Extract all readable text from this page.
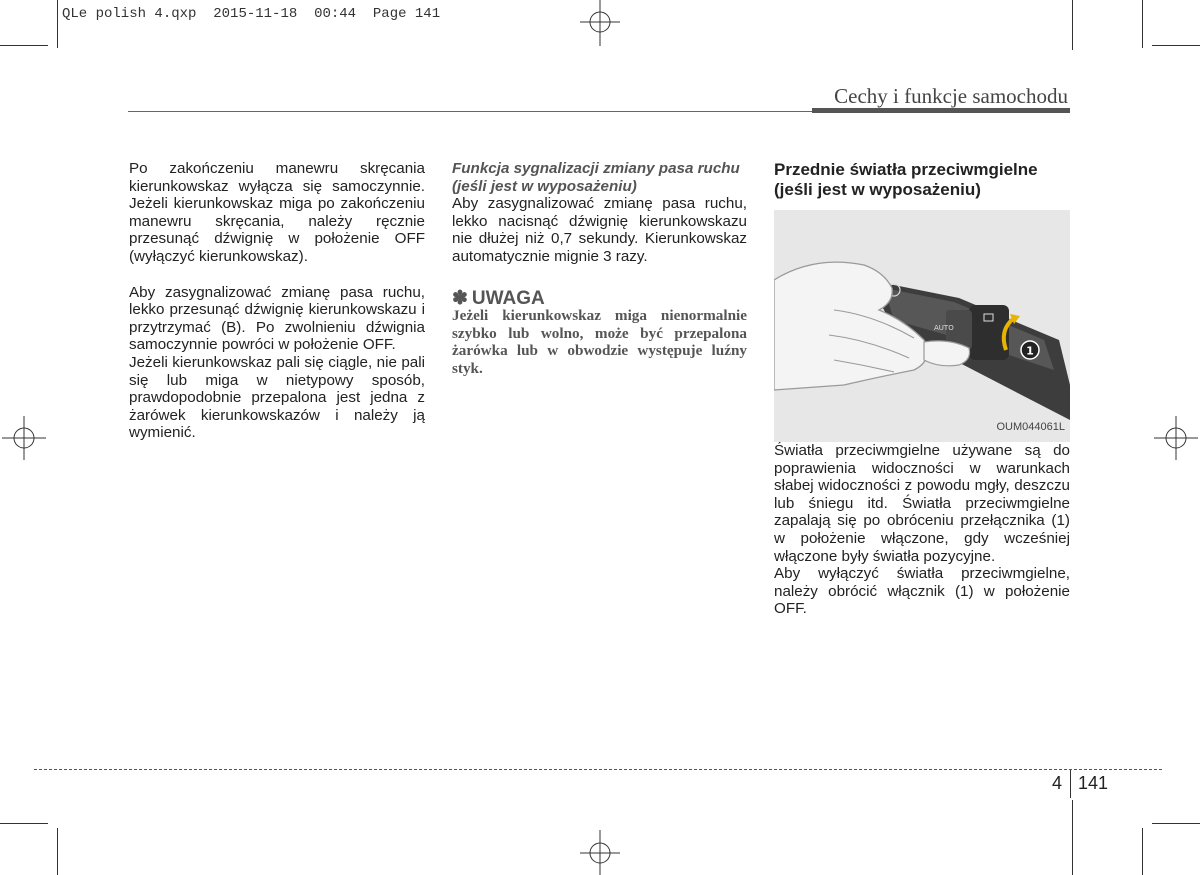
QLe polish 4.qxp 2015-11-18 00:44 Page 141
Cechy i funkcje samochodu

Po zakończeniu manewru skręcania kierunkowskaz wyłącza się samoczynnie. Jeżeli kierunkowskaz miga po zakończeniu manewru skręcania, należy ręcznie przesunąć dźwignię w położenie OFF (wyłączyć kierunkowskaz).

Aby zasygnalizować zmianę pasa ruchu, lekko przesunąć dźwignię kierunkowskazu i przytrzymać (B). Po zwolnieniu dźwignia samoczynnie powróci w położenie OFF.

Jeżeli kierunkowskaz pali się ciągle, nie pali się lub miga w nietypowy sposób, prawdopodobnie przepalona jest jedna z żarówek kierunkowskazów i należy ją wymienić.

Funkcja sygnalizacji zmiany pasa ruchu (jeśli jest w wyposażeniu)

Aby zasygnalizować zmianę pasa ruchu, lekko nacisnąć dźwignię kierunkowskazu nie dłużej niż 0,7 sekundy. Kierunkowskaz automatycznie mignie 3 razy.

✽ UWAGA

Jeżeli kierunkowskaz miga nienormalnie szybko lub wolno, może być przepalona żarówka lub w obwodzie występuje luźny styk.

Przednie światła przeciwmgielne (jeśli jest w wyposażeniu)

AUTO
1
OUM044061L

Światła przeciwmgielne używane są do poprawienia widoczności w warunkach słabej widoczności z powodu mgły, deszczu lub śniegu itd. Światła przeciwmgielne zapalają się po obróceniu przełącznika (1) w położenie włączone, gdy wcześniej włączone były światła pozycyjne.

Aby wyłączyć światła przeciwmgielne, należy obrócić włącznik (1) w położenie OFF.

4 141
